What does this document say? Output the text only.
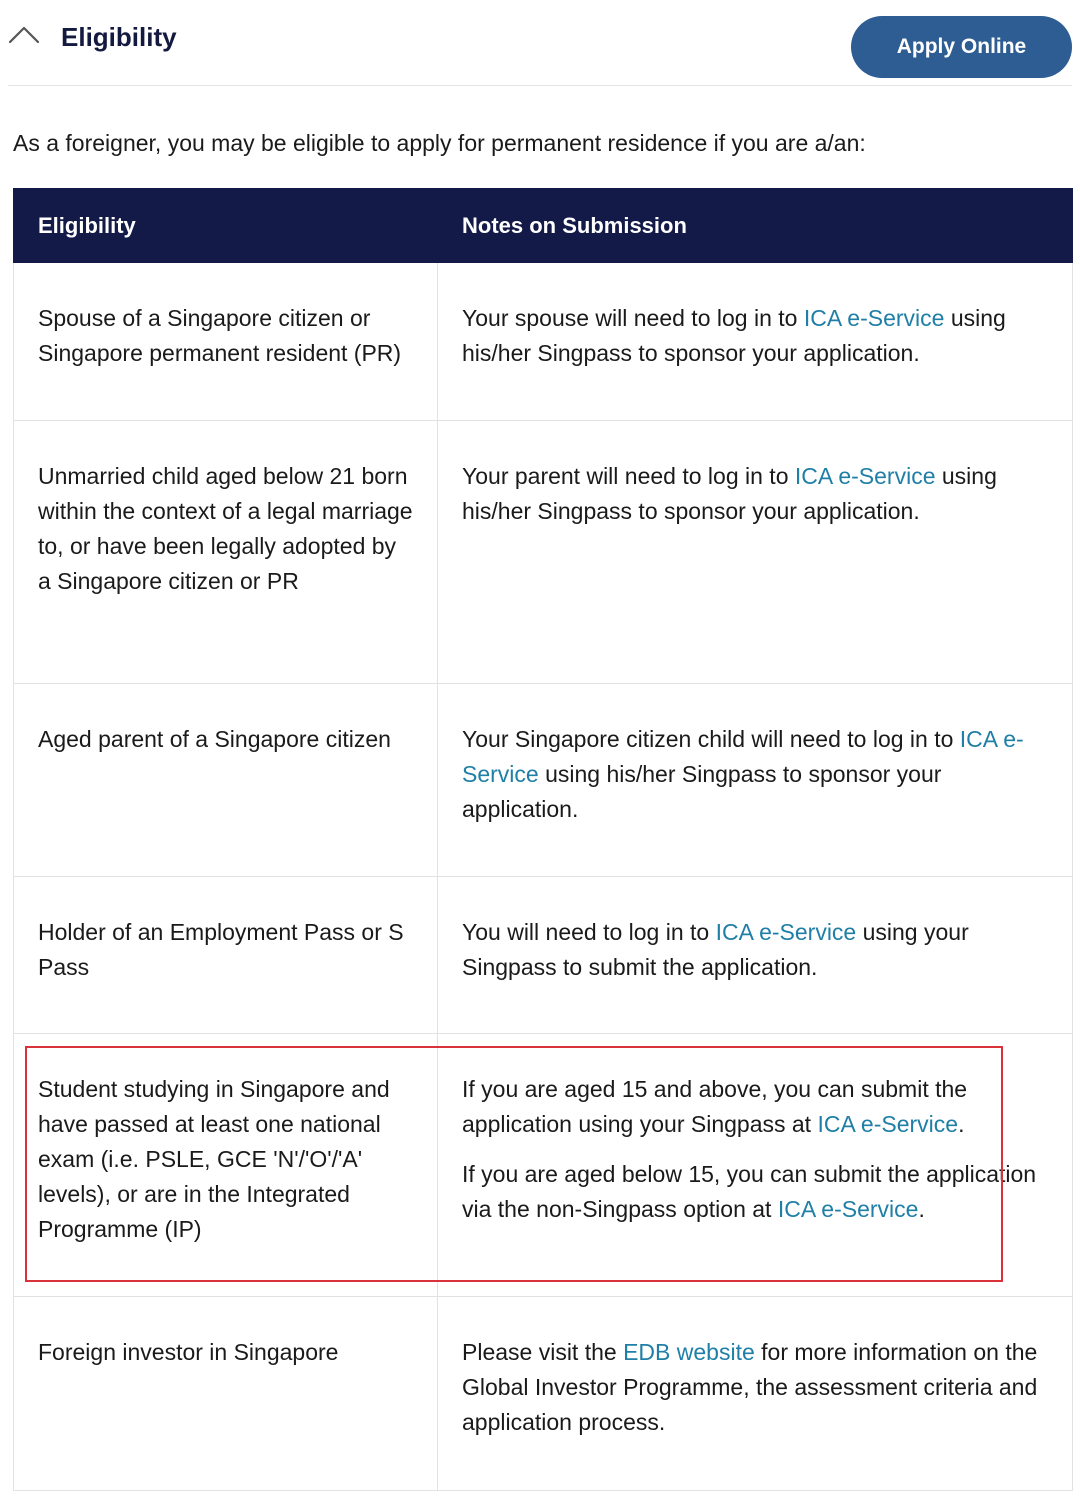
Eligibility	Apply Online
As a foreigner, you may be eligible to apply for permanent residence if you are a/an:
Eligibility	Notes on Submission

Spouse of a Singapore citizen or Singapore permanent resident (PR)	Your spouse will need to log in to ICA e-Service using his/her Singpass to sponsor your application.

Unmarried child aged below 21 born within the context of a legal marriage to, or have been legally adopted by a Singapore citizen or PR	Your parent will need to log in to ICA e-Service using his/her Singpass to sponsor your application.

Aged parent of a Singapore citizen	Your Singapore citizen child will need to log in to ICA e-Service using his/her Singpass to sponsor your application.

Holder of an Employment Pass or S Pass	You will need to log in to ICA e-Service using your Singpass to submit the application.

Student studying in Singapore and have passed at least one national exam (i.e. PSLE, GCE 'N'/'O'/'A' levels), or are in the Integrated Programme (IP)	If you are aged 15 and above, you can submit the application using your Singpass at ICA e-Service.

If you are aged below 15, you can submit the application via the non-Singpass option at ICA e-Service.

Foreign investor in Singapore	Please visit the EDB website for more information on the Global Investor Programme, the assessment criteria and application process.
